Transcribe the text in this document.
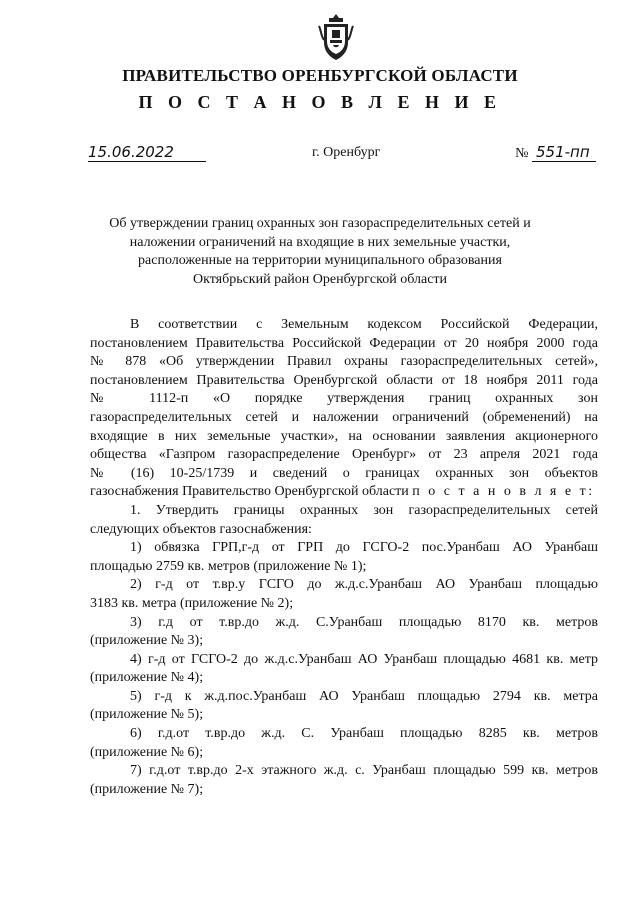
ПРАВИТЕЛЬСТВО ОРЕНБУРГСКОЙ ОБЛАСТИ
П О С Т А Н О В Л Е Н И Е
15.06.2022	г. Оренбург	№ 551-пп
Об утверждении границ охранных зон газораспределительных сетей и
наложении ограничений на входящие в них земельные участки,
расположенные на территории муниципального образования
Октябрьский район Оренбургской области
В соответствии с Земельным кодексом Российской Федерации,
постановлением Правительства Российской Федерации от 20 ноября 2000 года
№ 878 «Об утверждении Правил охраны газораспределительных сетей»,
постановлением Правительства Оренбургской области от 18 ноября 2011 года
№ 1112-п «О порядке утверждения границ охранных зон
газораспределительных сетей и наложении ограничений (обременений) на
входящие в них земельные участки», на основании заявления акционерного
общества «Газпром газораспределение Оренбург» от 23 апреля 2021 года
№ (16) 10-25/1739 и сведений о границах охранных зон объектов
газоснабжения Правительство Оренбургской области п о с т а н о в л я е т:
1. Утвердить границы охранных зон газораспределительных сетей
следующих объектов газоснабжения:
1) обвязка ГРП,г-д от ГРП до ГСГО-2 пос.Уранбаш АО Уранбаш
площадью 2759 кв. метров (приложение № 1);
2) г-д от т.вр.у ГСГО до ж.д.с.Уранбаш АО Уранбаш площадью
3183 кв. метра (приложение № 2);
3) г.д от т.вр.до ж.д. С.Уранбаш площадью 8170 кв. метров
(приложение № 3);
4) г-д от ГСГО-2 до ж.д.с.Уранбаш АО Уранбаш площадью 4681 кв. метр
(приложение № 4);
5) г-д к ж.д.пос.Уранбаш АО Уранбаш площадью 2794 кв. метра
(приложение № 5);
6) г.д.от т.вр.до ж.д. С. Уранбаш площадью 8285 кв. метров
(приложение № 6);
7) г.д.от т.вр.до 2-х этажного ж.д. с. Уранбаш площадью 599 кв. метров
(приложение № 7);
